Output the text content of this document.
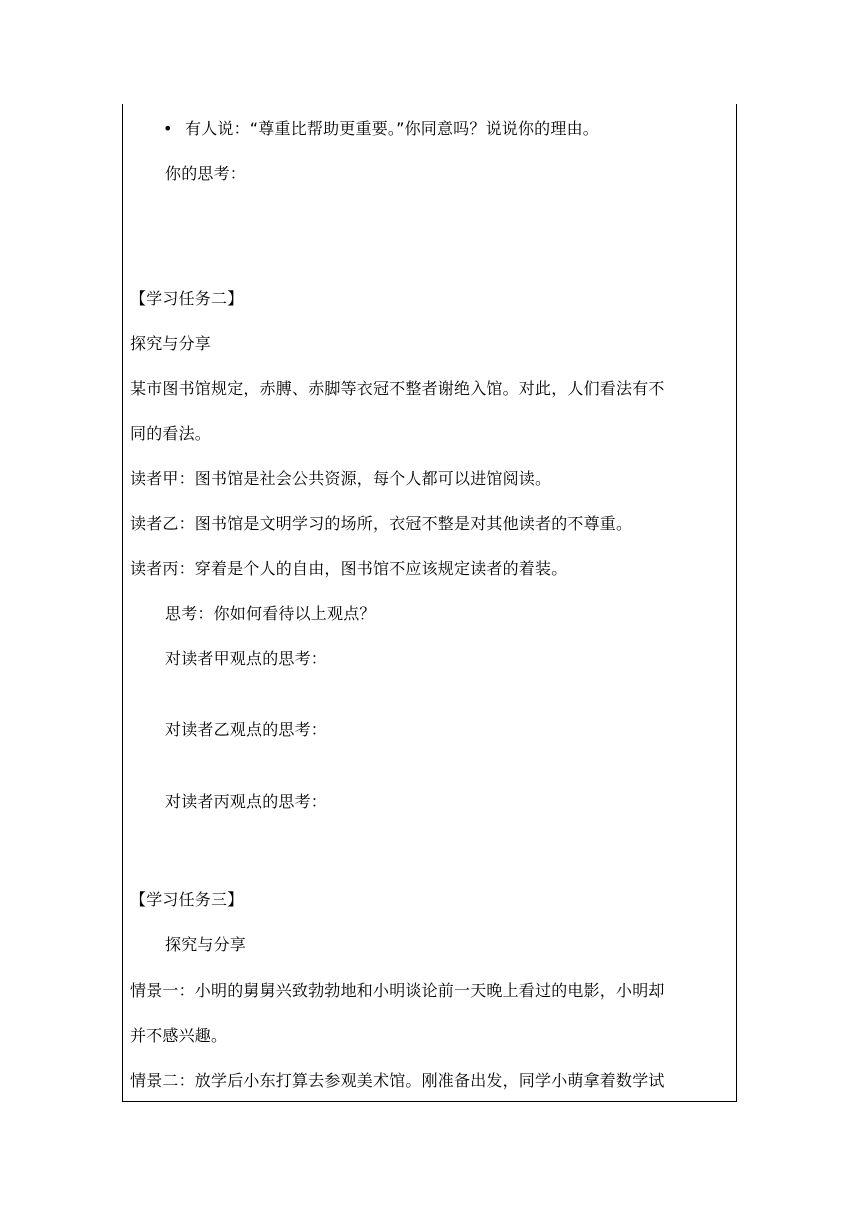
• 有人说：“尊重比帮助更重要。”你同意吗？说说你的理由。
你的思考：
【学习任务二】
探究与分享
某市图书馆规定，赤膊、赤脚等衣冠不整者谢绝入馆。对此，人们看法有不
同的看法。
读者甲：图书馆是社会公共资源，每个人都可以进馆阅读。
读者乙：图书馆是文明学习的场所，衣冠不整是对其他读者的不尊重。
读者丙：穿着是个人的自由，图书馆不应该规定读者的着装。
思考：你如何看待以上观点？
对读者甲观点的思考：
对读者乙观点的思考：
对读者丙观点的思考：
【学习任务三】
探究与分享
情景一：小明的舅舅兴致勃勃地和小明谈论前一天晚上看过的电影，小明却
并不感兴趣。
情景二：放学后小东打算去参观美术馆。刚准备出发，同学小萌拿着数学试
